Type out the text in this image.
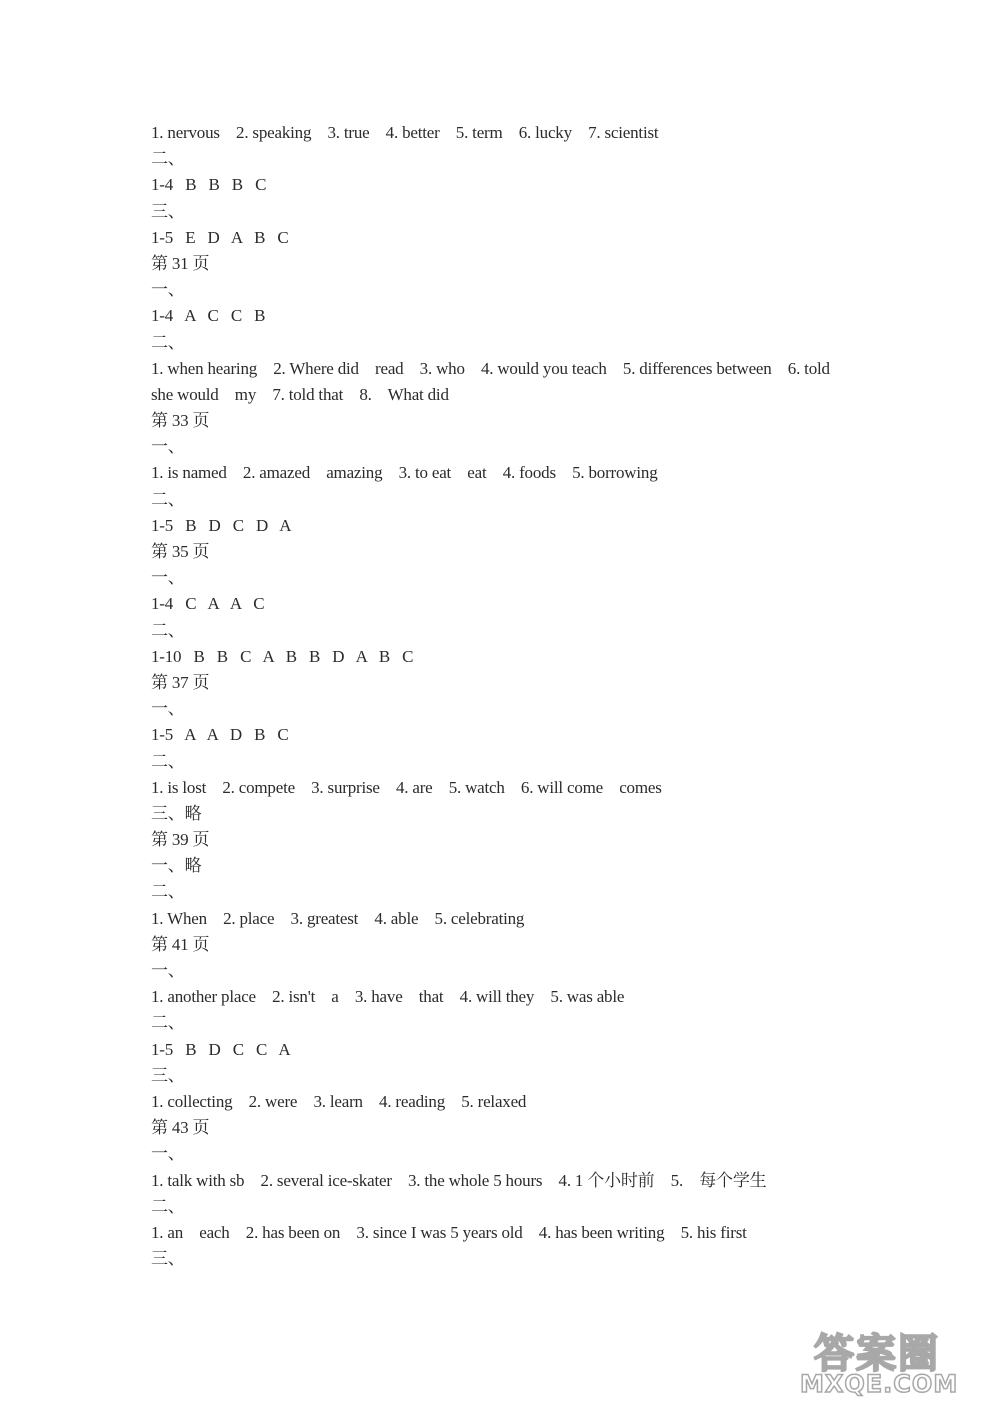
1. nervous    2. speaking    3. true    4. better    5. term    6. lucky    7. scientist
二、
1-4   B   B   B   C
三、
1-5   E   D   A   B   C
第 31 页
一、
1-4   A   C   C   B
二、
1. when hearing    2. Where did    read    3. who    4. would you teach    5. differences between    6. told she would    my    7. told that    8.    What did
第 33 页
一、
1. is named    2. amazed    amazing    3. to eat    eat    4. foods    5. borrowing
二、
1-5   B   D   C   D   A
第 35 页
一、
1-4   C   A   A   C
二、
1-10   B   B   C   A   B   B   D   A   B   C
第 37 页
一、
1-5   A   A   D   B   C
二、
1. is lost    2. compete    3. surprise    4. are    5. watch    6. will come    comes
三、略
第 39 页
一、略
二、
1. When    2. place    3. greatest    4. able    5. celebrating
第 41 页
一、
1. another place    2. isn't    a    3. have    that    4. will they    5. was able
二、
1-5   B   D   C   C   A
三、
1. collecting    2. were    3. learn    4. reading    5. relaxed
第 43 页
一、
1. talk with sb    2. several ice-skater    3. the whole 5 hours    4. 1 个小时前    5.    每个学生
二、
1. an    each    2. has been on    3. since I was 5 years old    4. has been writing    5. his first
三、
答案圈
MXQE.COM
